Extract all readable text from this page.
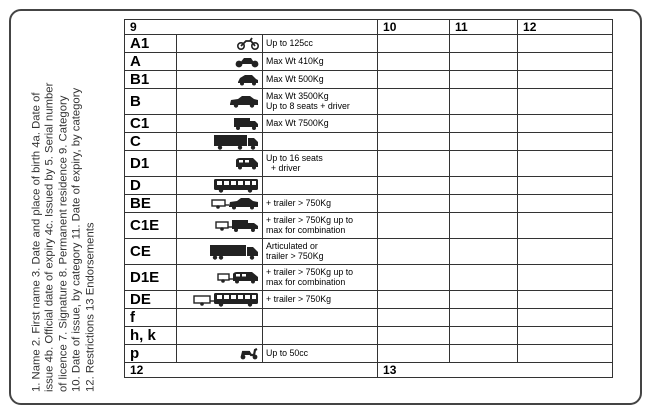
1. Name 2. First name 3. Date and place of birth 4a. Date of issue 4b. Official date of expiry 4c. Issued by 5. Serial number of licence 7. Signature 8. Permanent residence 9. Category 10. Date of issue, by category 11. Date of expiry, by category 12. Restrictions 13 Endorsements
9			10	11	12
A1		Up to 125cc			

A		Max Wt 410Kg			

B1		Max Wt 500Kg			

B		Max Wt 3500Kg
Up to 8 seats + driver			

C1		Max Wt 7500Kg			

C	

D1		Up to 16 seats
+ driver			

D	

BE		+ trailer > 750Kg			

C1E		+ trailer > 750Kg up to
max for combination			

CE		Articulated or
trailer > 750Kg			

D1E		+ trailer > 750Kg up to
max for combination			

DE		+ trailer > 750Kg			

f					
h, k					
p		Up to 50cc			

12			13		
